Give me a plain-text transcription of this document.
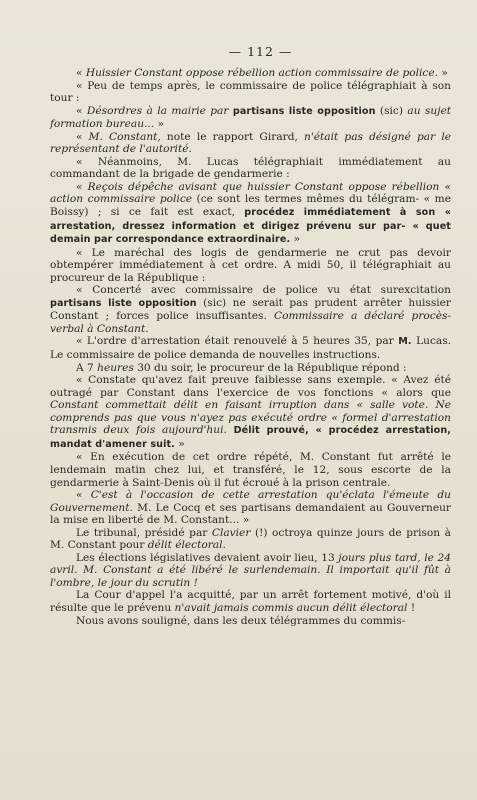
— 112 —

« Huissier Constant oppose rébellion action commissaire de police. »

« Peu de temps après, le commissaire de police télégraphiait à son tour :

« Désordres à la mairie par partisans liste opposition (sic) au sujet formation bureau... »

« M. Constant, note le rapport Girard, n'était pas désigné par le représentant de l'autorité.

« Néanmoins, M. Lucas télégraphiait immédiatement au commandant de la brigade de gendarmerie :

« Reçois dépêche avisant que huissier Constant oppose rébellion « action commissaire police (ce sont les termes mêmes du télégram- « me Boissy) ; si ce fait est exact, procédez immédiatement à son « arrestation, dressez information et dirigez prévenu sur par- « quet demain par correspondance extraordinaire. »

« Le maréchal des logis de gendarmerie ne crut pas devoir obtempérer immédiatement à cet ordre. A midi 50, il télégraphiait au procureur de la République :

« Concerté avec commissaire de police vu état surexcitation partisans liste opposition (sic) ne serait pas prudent arrêter huissier Constant ; forces police insuffisantes. Commissaire a déclaré procès-verbal à Constant.

« L'ordre d'arrestation était renouvelé à 5 heures 35, par M. Lucas. Le commissaire de police demanda de nouvelles instructions.

A 7 heures 30 du soir, le procureur de la République répond :

« Constate qu'avez fait preuve faiblesse sans exemple. « Avez été outragé par Constant dans l'exercice de vos fonctions « alors que Constant commettait délit en faisant irruption dans « salle vote. Ne comprends pas que vous n'ayez pas exécuté ordre « formel d'arrestation transmis deux fois aujourd'hui. Délit prouvé, « procédez arrestation, mandat d'amener suit. »

« En exécution de cet ordre répété, M. Constant fut arrêté le lendemain matin chez lui, et transféré, le 12, sous escorte de la gendarmerie à Saint-Denis où il fut écroué à la prison centrale.

« C'est à l'occasion de cette arrestation qu'éclata l'émeute du Gouvernement. M. Le Cocq et ses partisans demandaient au Gouverneur la mise en liberté de M. Constant... »

Le tribunal, présidé par Clavier (!) octroya quinze jours de prison à M. Constant pour délit électoral.

Les élections législatives devaient avoir lieu, 13 jours plus tard, le 24 avril. M. Constant a été libéré le surlendemain. Il importait qu'il fût à l'ombre, le jour du scrutin !

La Cour d'appel l'a acquitté, par un arrêt fortement motivé, d'où il résulte que le prévenu n'avait jamais commis aucun délit électoral !

Nous avons souligné, dans les deux télégrammes du commis-
